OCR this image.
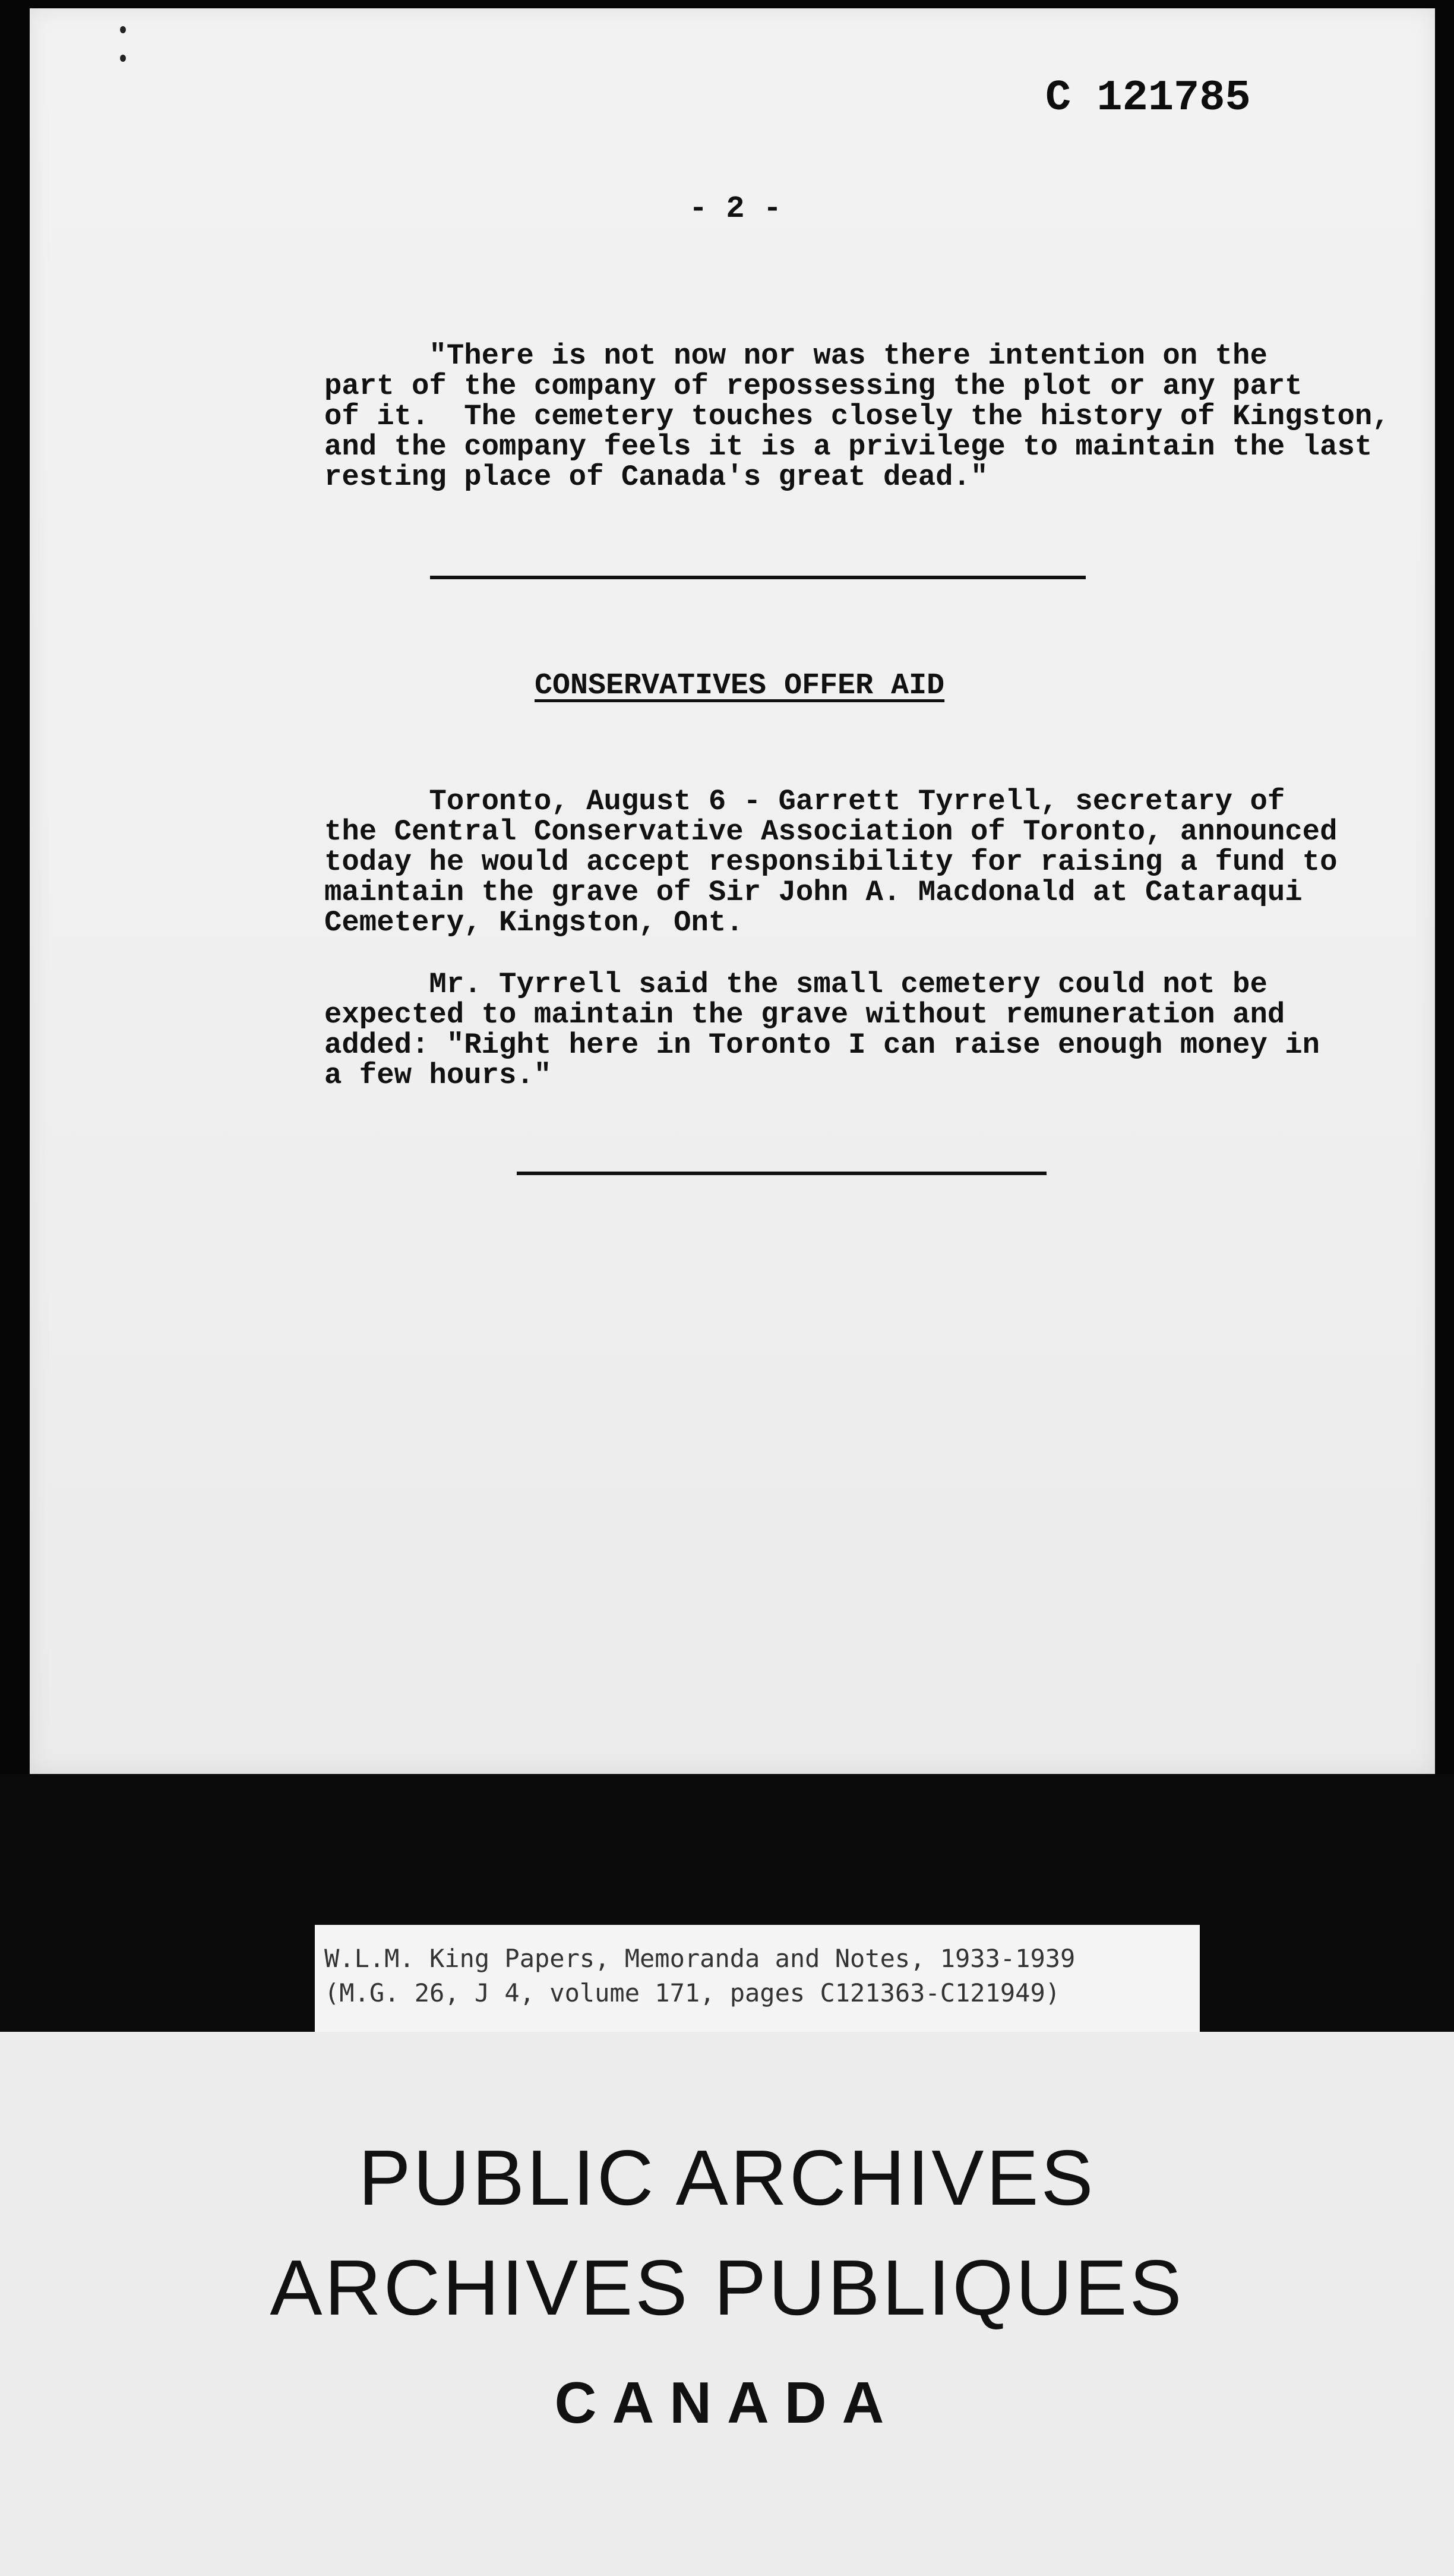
C 121785
- 2 -
"There is not now nor was there intention on the
part of the company of repossessing the plot or any part
of it.  The cemetery touches closely the history of Kingston,
and the company feels it is a privilege to maintain the last
resting place of Canada's great dead."
CONSERVATIVES OFFER AID
Toronto, August 6 - Garrett Tyrrell, secretary of
the Central Conservative Association of Toronto, announced
today he would accept responsibility for raising a fund to
maintain the grave of Sir John A. Macdonald at Cataraqui
Cemetery, Kingston, Ont.
Mr. Tyrrell said the small cemetery could not be
expected to maintain the grave without remuneration and
added: "Right here in Toronto I can raise enough money in
a few hours."
W.L.M. King Papers, Memoranda and Notes, 1933-1939
(M.G. 26, J 4, volume 171, pages C121363-C121949)
PUBLIC ARCHIVES
ARCHIVES PUBLIQUES
CANADA
